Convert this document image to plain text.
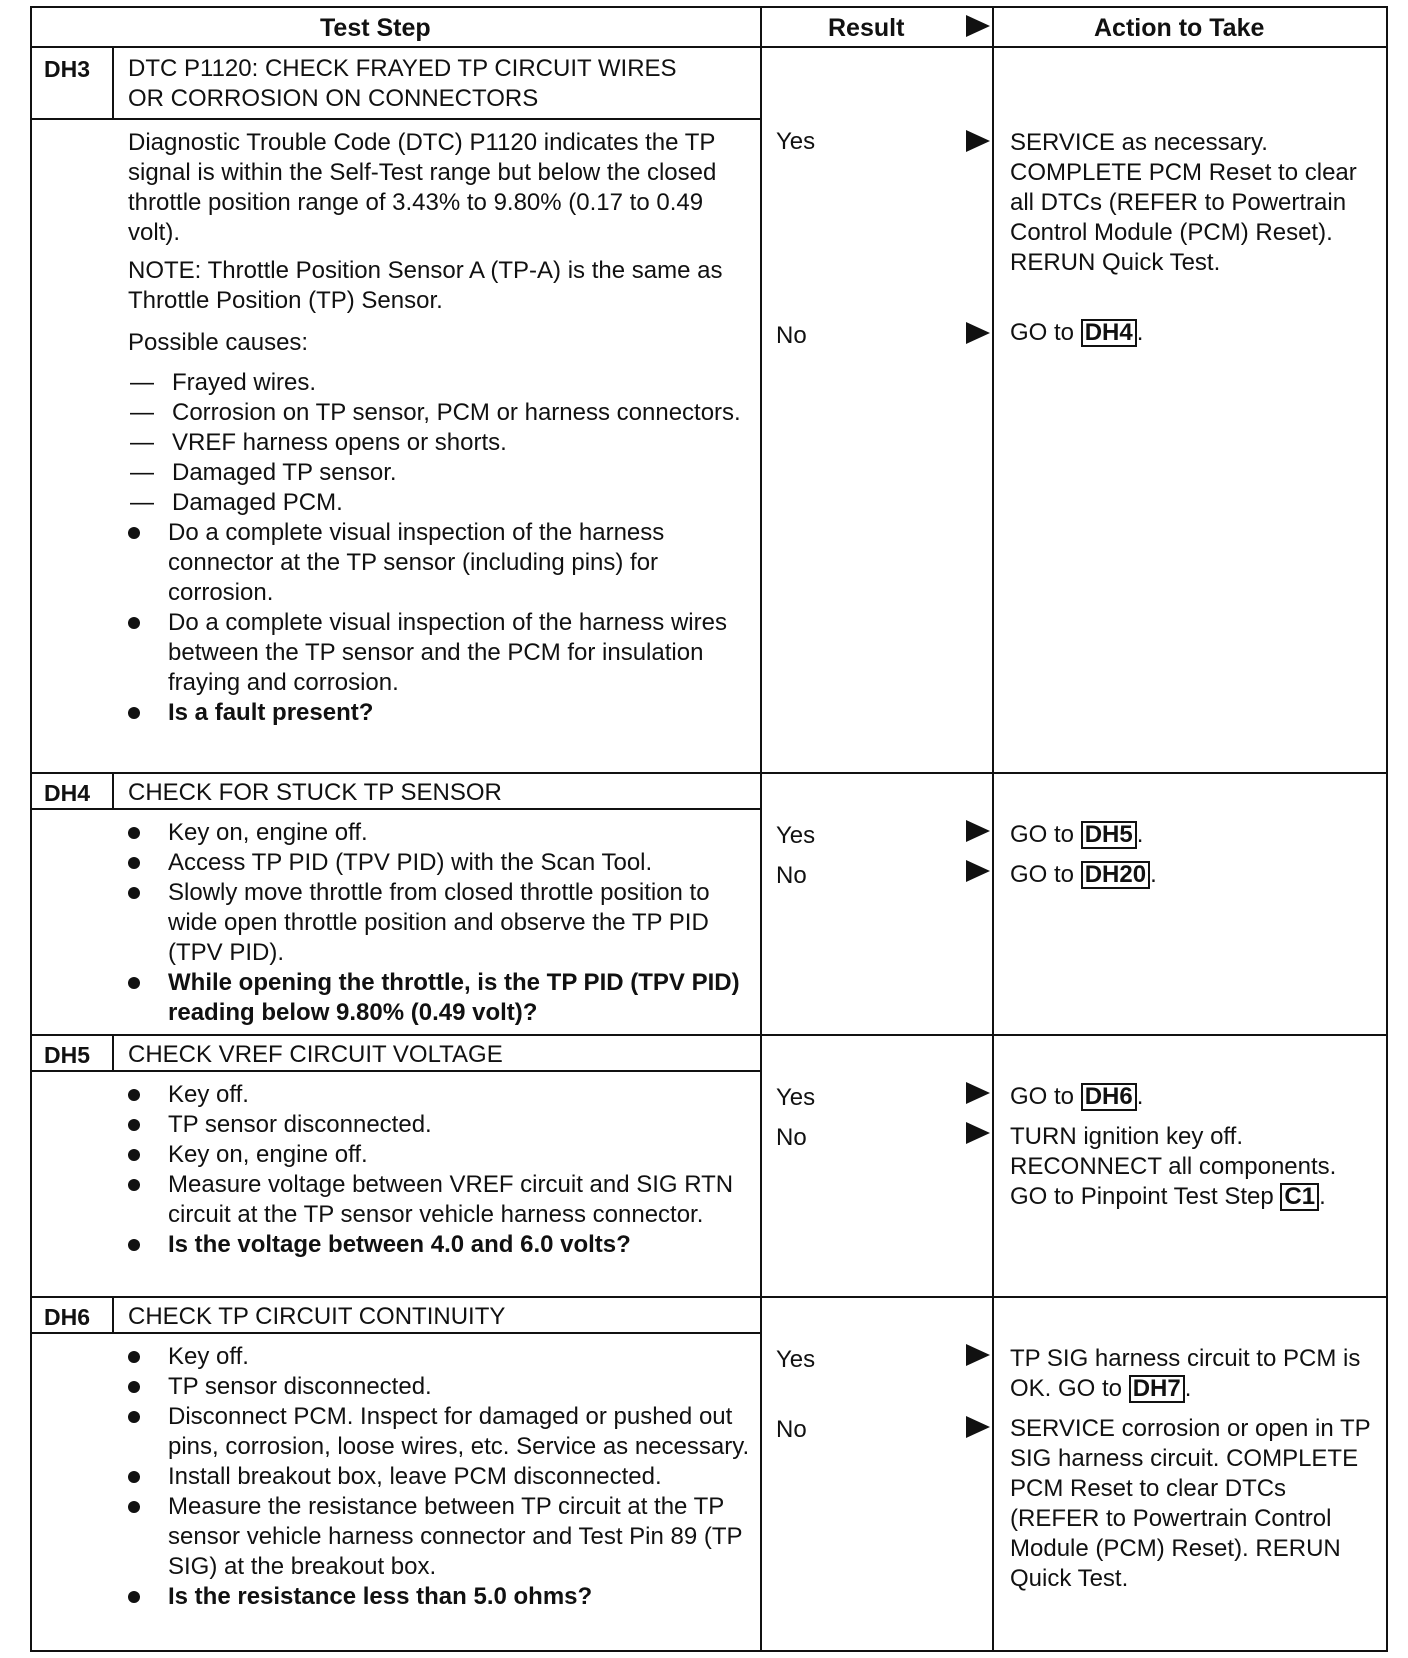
Test Step	Result	Action to Take
DH3 DTC P1120: CHECK FRAYED TP CIRCUIT WIRES
OR CORROSION ON CONNECTORS
Diagnostic Trouble Code (DTC) P1120 indicates the TP signal is within the Self-Test range but below the closed throttle position range of 3.43% to 9.80% (0.17 to 0.49 volt).
NOTE: Throttle Position Sensor A (TP-A) is the same as Throttle Position (TP) Sensor.
Possible causes:
— Frayed wires.
— Corrosion on TP sensor, PCM or harness connectors.
— VREF harness opens or shorts.
— Damaged TP sensor.
— Damaged PCM.
Do a complete visual inspection of the harness connector at the TP sensor (including pins) for corrosion.
Do a complete visual inspection of the harness wires between the TP sensor and the PCM for insulation fraying and corrosion.
Is a fault present?
Yes	SERVICE as necessary. COMPLETE PCM Reset to clear all DTCs (REFER to Powertrain Control Module (PCM) Reset). RERUN Quick Test.
No	GO to DH4 .
DH4 CHECK FOR STUCK TP SENSOR
Key on, engine off.
Access TP PID (TPV PID) with the Scan Tool.
Slowly move throttle from closed throttle position to wide open throttle position and observe the TP PID (TPV PID).
While opening the throttle, is the TP PID (TPV PID) reading below 9.80% (0.49 volt)?
Yes	GO to DH5 .
No	GO to DH20 .
DH5 CHECK VREF CIRCUIT VOLTAGE
Key off.
TP sensor disconnected.
Key on, engine off.
Measure voltage between VREF circuit and SIG RTN circuit at the TP sensor vehicle harness connector.
Is the voltage between 4.0 and 6.0 volts?
Yes	GO to DH6 .
No	TURN ignition key off. RECONNECT all components. GO to Pinpoint Test Step C1 .
DH6 CHECK TP CIRCUIT CONTINUITY
Key off.
TP sensor disconnected.
Disconnect PCM. Inspect for damaged or pushed out pins, corrosion, loose wires, etc. Service as necessary.
Install breakout box, leave PCM disconnected.
Measure the resistance between TP circuit at the TP sensor vehicle harness connector and Test Pin 89 (TP SIG) at the breakout box.
Is the resistance less than 5.0 ohms?
Yes	TP SIG harness circuit to PCM is OK. GO to DH7 .
No	SERVICE corrosion or open in TP SIG harness circuit. COMPLETE PCM Reset to clear DTCs (REFER to Powertrain Control Module (PCM) Reset). RERUN Quick Test.
